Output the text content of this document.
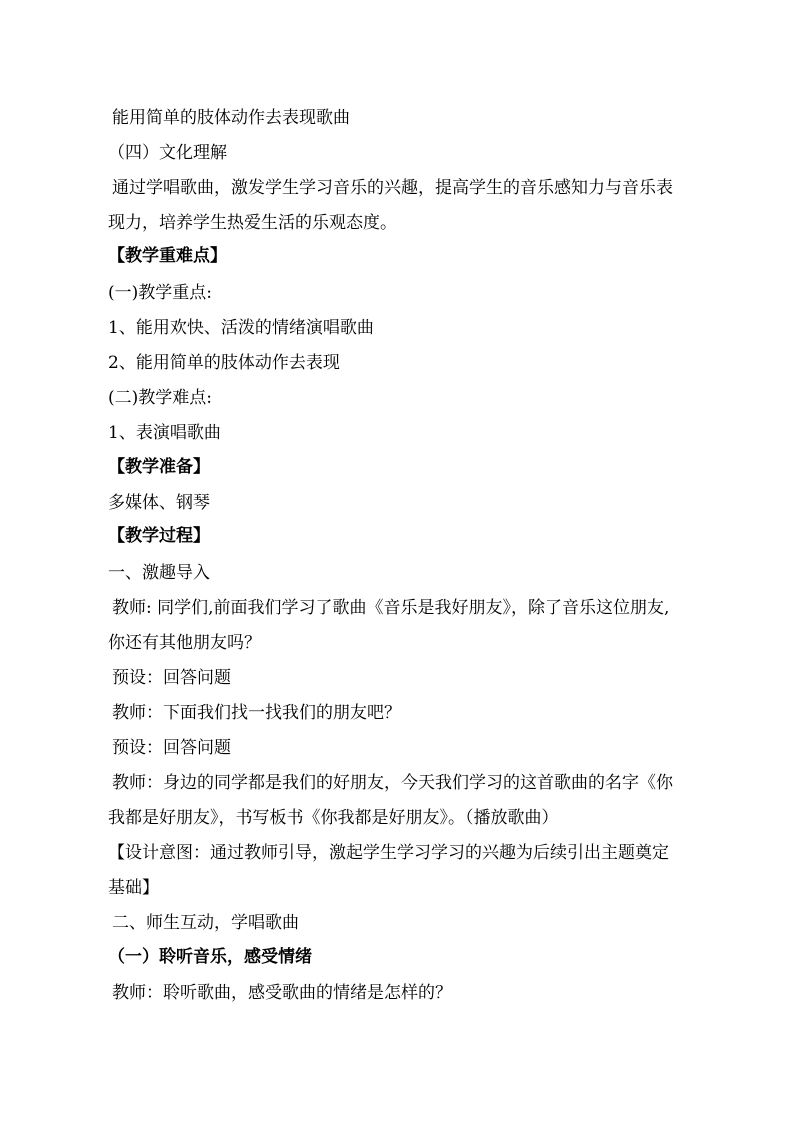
能用简单的肢体动作去表现歌曲
（四）文化理解
通过学唱歌曲，激发学生学习音乐的兴趣，提高学生的音乐感知力与音乐表
现力，培养学生热爱生活的乐观态度。
【教学重难点】
(一)教学重点:
1、能用欢快、活泼的情绪演唱歌曲
2、能用简单的肢体动作去表现
(二)教学难点:
1、表演唱歌曲
【教学准备】
多媒体、钢琴
【教学过程】
一、激趣导入
教师: 同学们,前面我们学习了歌曲《音乐是我好朋友》，除了音乐这位朋友,
你还有其他朋友吗？
预设：回答问题
教师：下面我们找一找我们的朋友吧？
预设：回答问题
教师：身边的同学都是我们的好朋友，今天我们学习的这首歌曲的名字《你
我都是好朋友》，书写板书《你我都是好朋友》。（播放歌曲）
【设计意图：通过教师引导，激起学生学习学习的兴趣为后续引出主题奠定
基础】
二、师生互动，学唱歌曲
（一）聆听音乐，感受情绪
教师：聆听歌曲，感受歌曲的情绪是怎样的？
